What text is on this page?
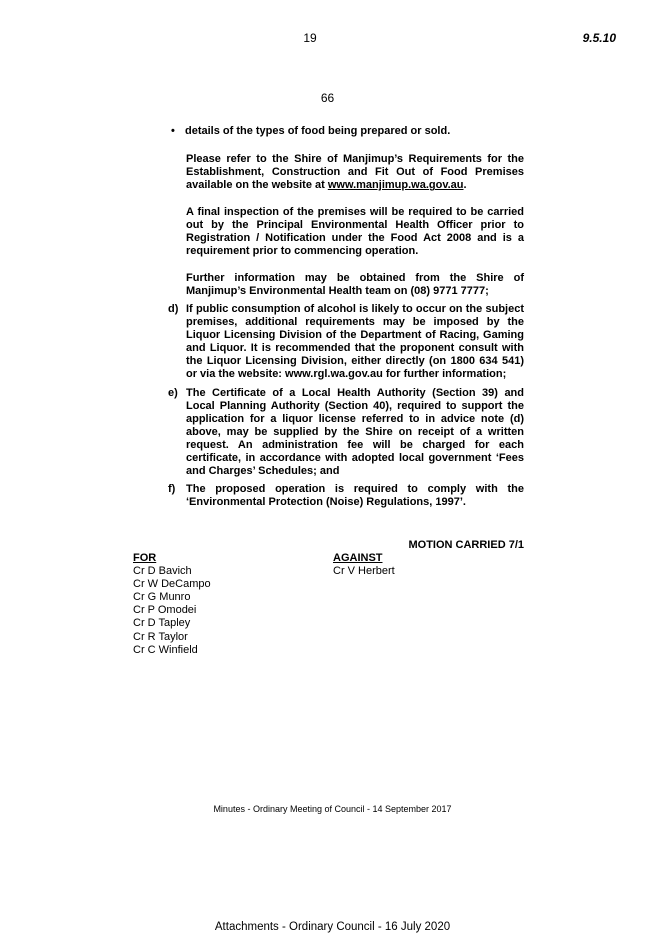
19	9.5.10
66
• details of the types of food being prepared or sold.
Please refer to the Shire of Manjimup’s Requirements for the Establishment, Construction and Fit Out of Food Premises available on the website at www.manjimup.wa.gov.au.
A final inspection of the premises will be required to be carried out by the Principal Environmental Health Officer prior to Registration / Notification under the Food Act 2008 and is a requirement prior to commencing operation.
Further information may be obtained from the Shire of Manjimup’s Environmental Health team on (08) 9771 7777;
d) If public consumption of alcohol is likely to occur on the subject premises, additional requirements may be imposed by the Liquor Licensing Division of the Department of Racing, Gaming and Liquor. It is recommended that the proponent consult with the Liquor Licensing Division, either directly (on 1800 634 541) or via the website: www.rgl.wa.gov.au for further information;
e) The Certificate of a Local Health Authority (Section 39) and Local Planning Authority (Section 40), required to support the application for a liquor license referred to in advice note (d) above, may be supplied by the Shire on receipt of a written request. An administration fee will be charged for each certificate, in accordance with adopted local government ‘Fees and Charges’ Schedules; and
f) The proposed operation is required to comply with the ‘Environmental Protection (Noise) Regulations, 1997’.
MOTION CARRIED 7/1
FOR
Cr D Bavich
Cr W DeCampo
Cr G Munro
Cr P Omodei
Cr D Tapley
Cr R Taylor
Cr C Winfield
AGAINST
Cr V Herbert
Minutes - Ordinary Meeting of Council - 14 September 2017
Attachments - Ordinary Council - 16 July 2020
